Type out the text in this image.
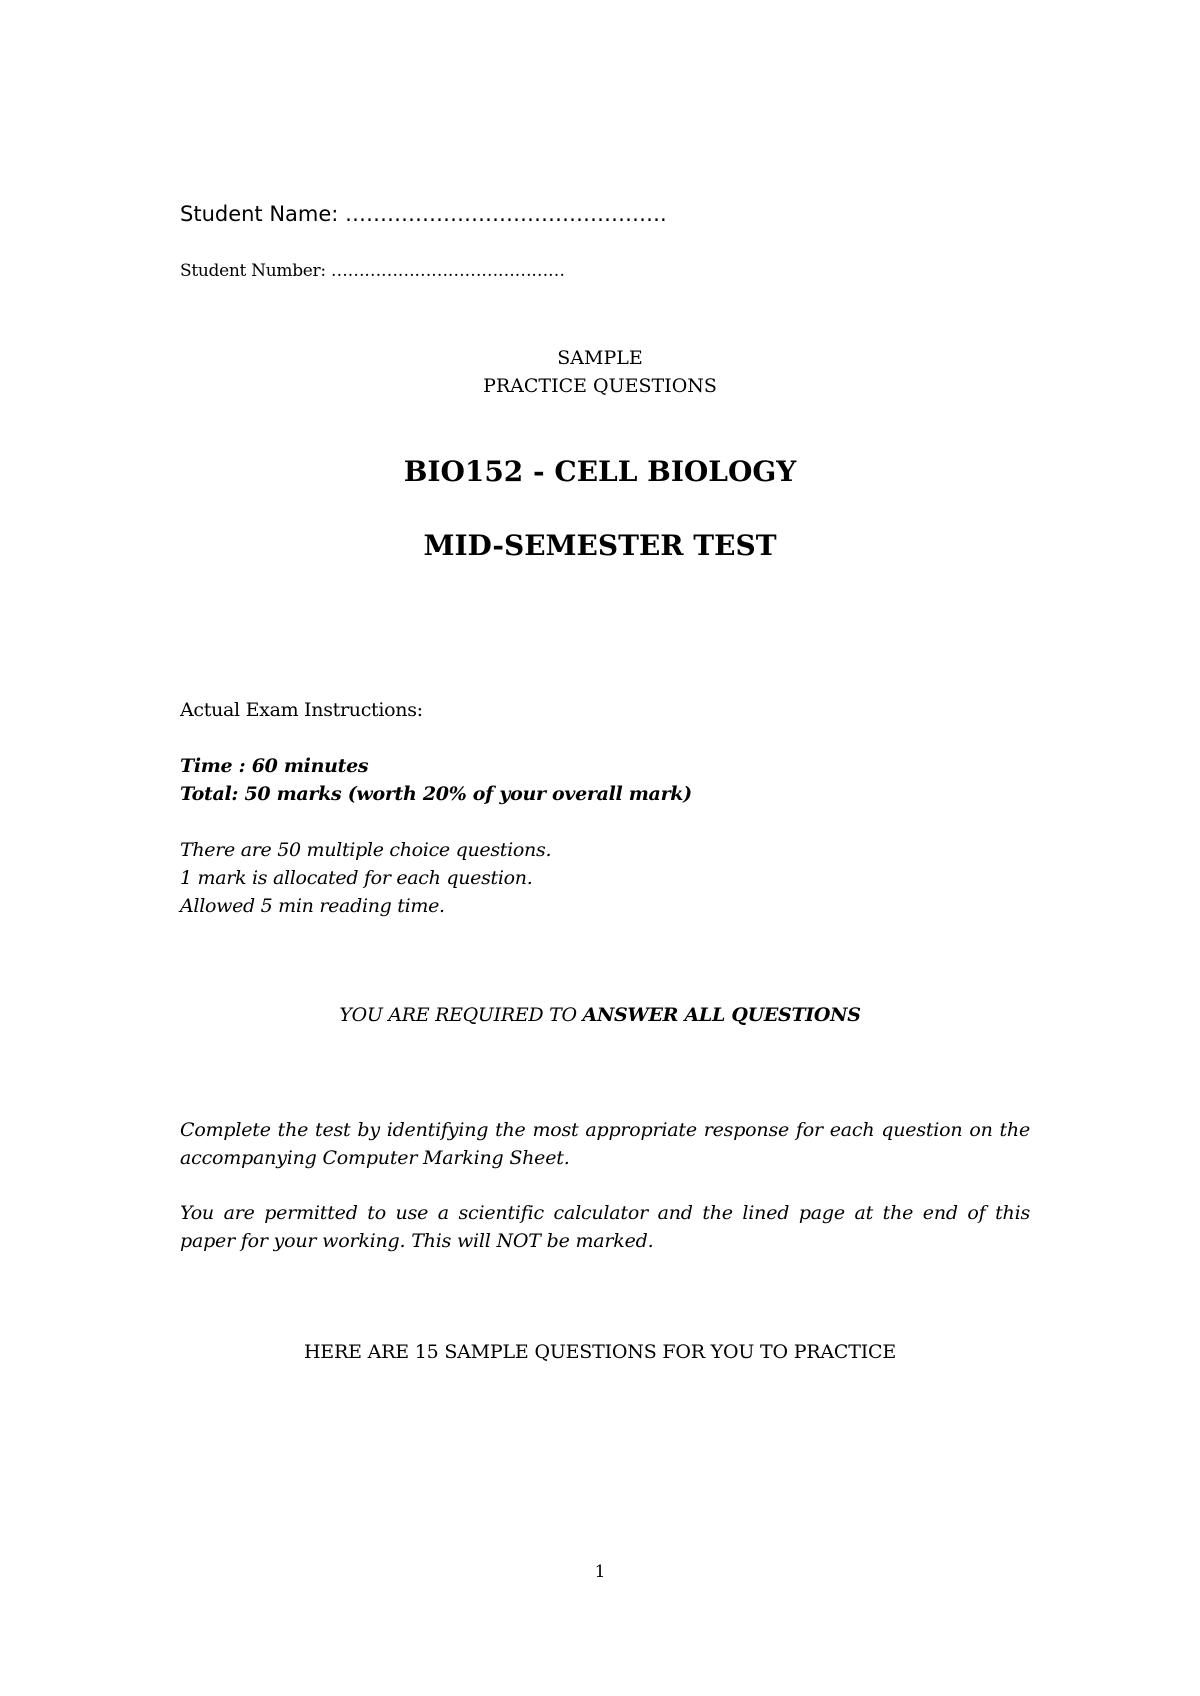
Student Name: ……………………………………….
Student Number: ……………………………………
SAMPLE
PRACTICE QUESTIONS
BIO152 - CELL BIOLOGY
MID-SEMESTER TEST
Actual Exam Instructions:
Time : 60 minutes
Total: 50 marks (worth 20% of your overall mark)
There are 50 multiple choice questions.
1 mark is allocated for each question.
Allowed 5 min reading time.
YOU ARE REQUIRED TO ANSWER ALL QUESTIONS
Complete the test by identifying the most appropriate response for each question on the accompanying Computer Marking Sheet.
You are permitted to use a scientific calculator and the lined page at the end of this paper for your working. This will NOT be marked.
HERE ARE 15 SAMPLE QUESTIONS FOR YOU TO PRACTICE
1
